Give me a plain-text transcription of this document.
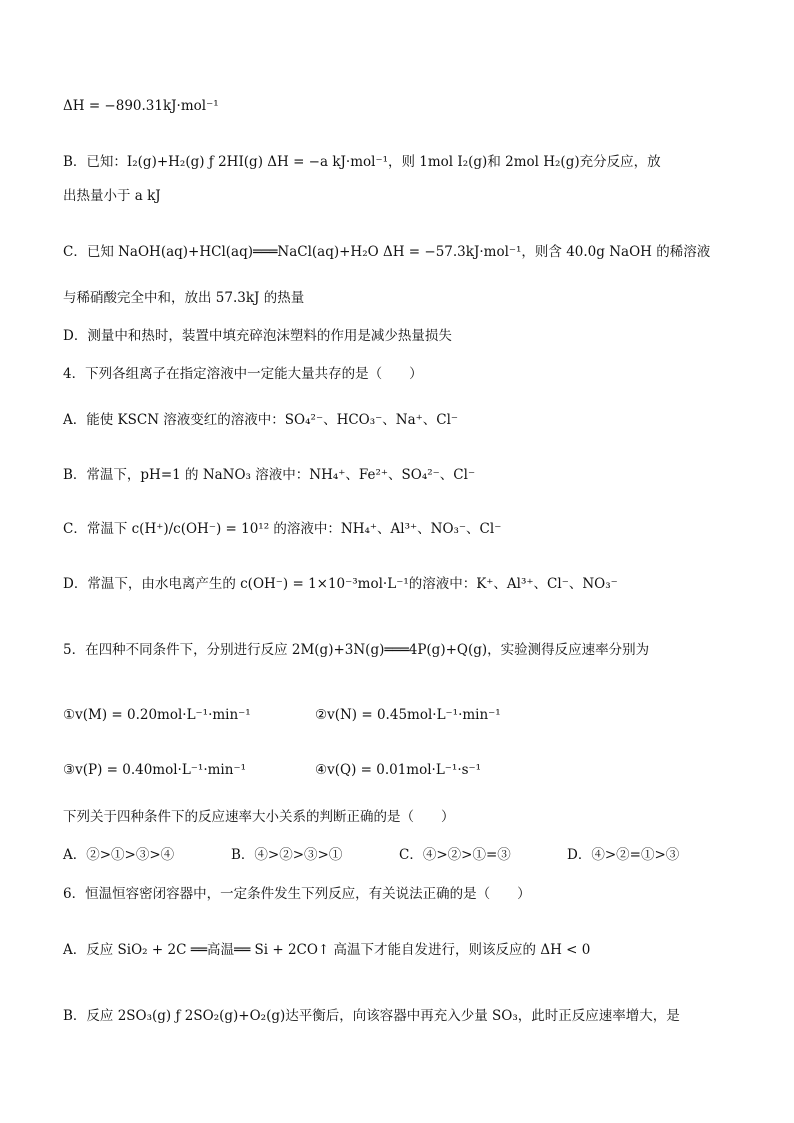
ΔH = −890.31kJ·mol⁻¹
B．已知：I₂(g)+H₂(g) ƒ 2HI(g) ΔH = −a kJ·mol⁻¹，则 1mol I₂(g)和 2mol H₂(g)充分反应，放
出热量小于 a kJ
C．已知 NaOH(aq)+HCl(aq)═══NaCl(aq)+H₂O ΔH = −57.3kJ·mol⁻¹，则含 40.0g NaOH 的稀溶液
与稀硝酸完全中和，放出 57.3kJ 的热量
D．测量中和热时，装置中填充碎泡沫塑料的作用是减少热量损失
4．下列各组离子在指定溶液中一定能大量共存的是（　　）
A．能使 KSCN 溶液变红的溶液中：SO₄²⁻、HCO₃⁻、Na⁺、Cl⁻
B．常温下，pH=1 的 NaNO₃ 溶液中：NH₄⁺、Fe²⁺、SO₄²⁻、Cl⁻
C．常温下 c(H⁺)/c(OH⁻) = 10¹² 的溶液中：NH₄⁺、Al³⁺、NO₃⁻、Cl⁻
D．常温下，由水电离产生的 c(OH⁻) = 1×10⁻³mol·L⁻¹的溶液中：K⁺、Al³⁺、Cl⁻、NO₃⁻
5．在四种不同条件下，分别进行反应 2M(g)+3N(g)═══4P(g)+Q(g)，实验测得反应速率分别为
①v(M) = 0.20mol·L⁻¹·min⁻¹	②v(N) = 0.45mol·L⁻¹·min⁻¹
③v(P) = 0.40mol·L⁻¹·min⁻¹	④v(Q) = 0.01mol·L⁻¹·s⁻¹
下列关于四种条件下的反应速率大小关系的判断正确的是（　　）
A．②>①>③>④	B．④>②>③>①	C．④>②>①=③	D．④>②=①>③
6．恒温恒容密闭容器中，一定条件发生下列反应，有关说法正确的是（　　）
A．反应 SiO₂ + 2C ══高温══ Si + 2CO↑ 高温下才能自发进行，则该反应的 ΔH < 0
B．反应 2SO₃(g) ƒ 2SO₂(g)+O₂(g)达平衡后，向该容器中再充入少量 SO₃，此时正反应速率增大，是
